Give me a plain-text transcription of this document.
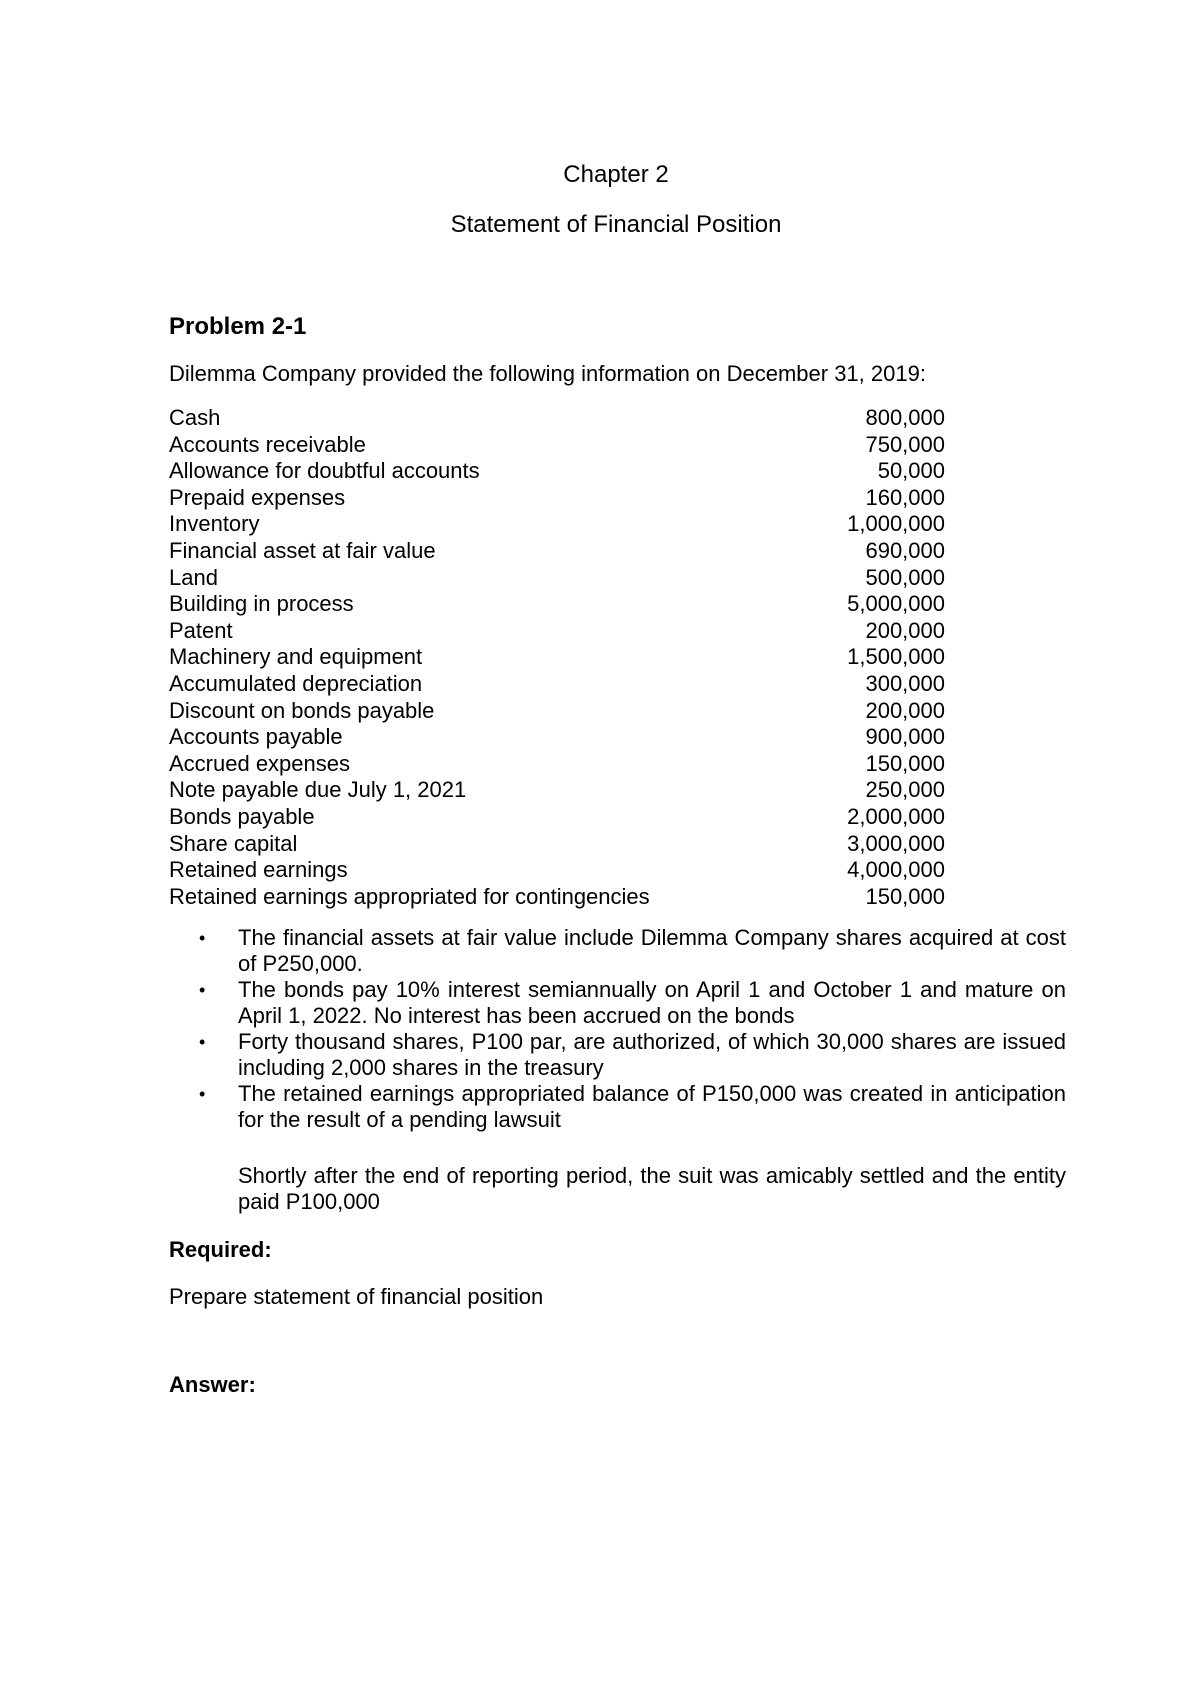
Chapter 2
Statement of Financial Position
Problem 2-1
Dilemma Company provided the following information on December 31, 2019:
Cash	800,000
Accounts receivable	750,000
Allowance for doubtful accounts	50,000
Prepaid expenses	160,000
Inventory	1,000,000
Financial asset at fair value	690,000
Land	500,000
Building in process	5,000,000
Patent	200,000
Machinery and equipment	1,500,000
Accumulated depreciation	300,000
Discount on bonds payable	200,000
Accounts payable	900,000
Accrued expenses	150,000
Note payable due July 1, 2021	250,000
Bonds payable	2,000,000
Share capital	3,000,000
Retained earnings	4,000,000
Retained earnings appropriated for contingencies	150,000
• The financial assets at fair value include Dilemma Company shares acquired at cost of P250,000.
• The bonds pay 10% interest semiannually on April 1 and October 1 and mature on April 1, 2022. No interest has been accrued on the bonds
• Forty thousand shares, P100 par, are authorized, of which 30,000 shares are issued including 2,000 shares in the treasury
• The retained earnings appropriated balance of P150,000 was created in anticipation for the result of a pending lawsuit
Shortly after the end of reporting period, the suit was amicably settled and the entity paid P100,000
Required:
Prepare statement of financial position
Answer:
